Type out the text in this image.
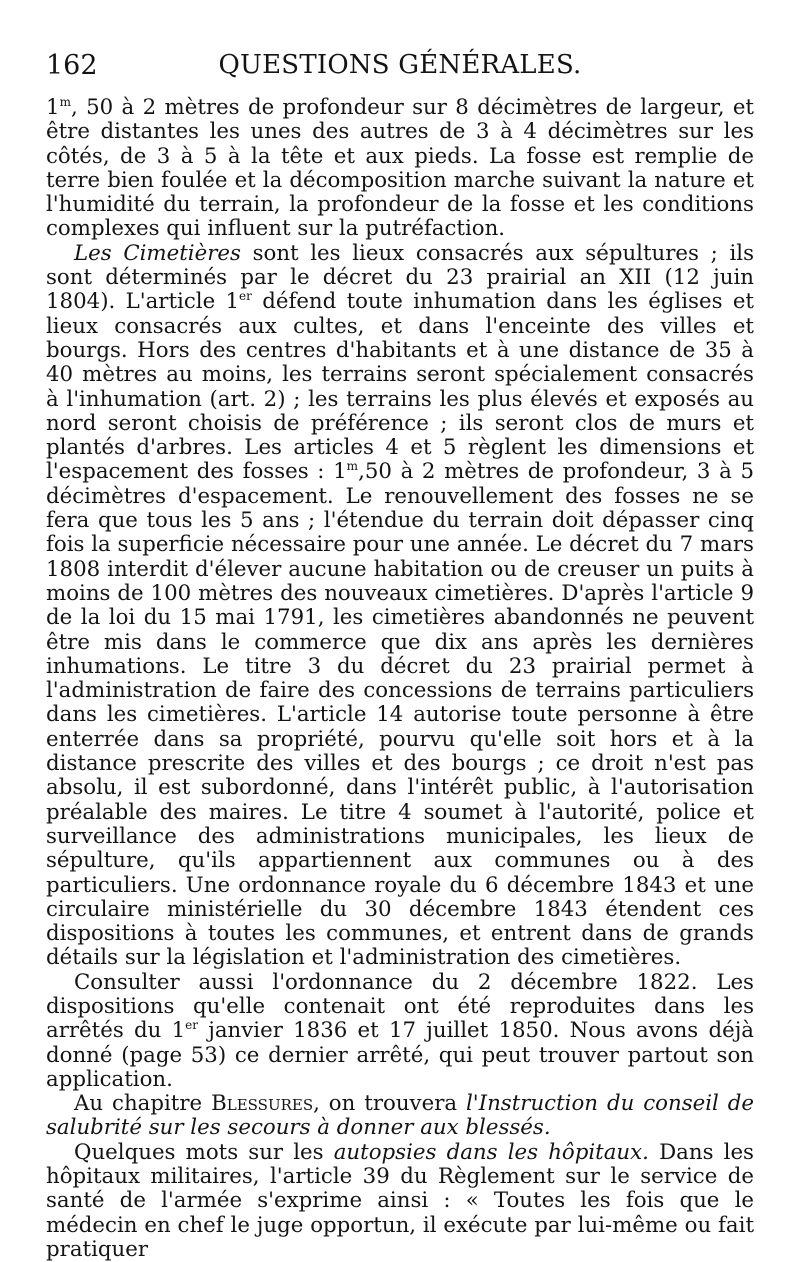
162	QUESTIONS GÉNÉRALES.

1$^m$, 50 à 2 mètres de profondeur sur 8 décimètres de largeur, et être distantes les unes des autres de 3 à 4 décimètres sur les côtés, de 3 à 5 à la tête et aux pieds. La fosse est remplie de terre bien foulée et la décomposition marche suivant la nature et l'humidité du terrain, la profondeur de la fosse et les conditions complexes qui influent sur la putréfaction.

Les Cimetières sont les lieux consacrés aux sépultures ; ils sont déterminés par le décret du 23 prairial an XII (12 juin 1804). L'article 1er défend toute inhumation dans les églises et lieux consacrés aux cultes, et dans l'enceinte des villes et bourgs. Hors des centres d'habitants et à une distance de 35 à 40 mètres au moins, les terrains seront spécialement consacrés à l'inhumation (art. 2) ; les terrains les plus élevés et exposés au nord seront choisis de préférence ; ils seront clos de murs et plantés d'arbres. Les articles 4 et 5 règlent les dimensions et l'espacement des fosses : 1$^m$,50 à 2 mètres de profondeur, 3 à 5 décimètres d'espacement. Le renouvellement des fosses ne se fera que tous les 5 ans ; l'étendue du terrain doit dépasser cinq fois la superficie nécessaire pour une année. Le décret du 7 mars 1808 interdit d'élever aucune habitation ou de creuser un puits à moins de 100 mètres des nouveaux cimetières. D'après l'article 9 de la loi du 15 mai 1791, les cimetières abandonnés ne peuvent être mis dans le commerce que dix ans après les dernières inhumations. Le titre 3 du décret du 23 prairial permet à l'administration de faire des concessions de terrains particuliers dans les cimetières. L'article 14 autorise toute personne à être enterrée dans sa propriété, pourvu qu'elle soit hors et à la distance prescrite des villes et des bourgs ; ce droit n'est pas absolu, il est subordonné, dans l'intérêt public, à l'autorisation préalable des maires. Le titre 4 soumet à l'autorité, police et surveillance des administrations municipales, les lieux de sépulture, qu'ils appartiennent aux communes ou à des particuliers. Une ordonnance royale du 6 décembre 1843 et une circulaire ministérielle du 30 décembre 1843 étendent ces dispositions à toutes les communes, et entrent dans de grands détails sur la législation et l'administration des cimetières.

Consulter aussi l'ordonnance du 2 décembre 1822. Les dispositions qu'elle contenait ont été reproduites dans les arrêtés du 1er janvier 1836 et 17 juillet 1850. Nous avons déjà donné (page 53) ce dernier arrêté, qui peut trouver partout son application.

Au chapitre Blessures, on trouvera l'Instruction du conseil de salubrité sur les secours à donner aux blessés.

Quelques mots sur les autopsies dans les hôpitaux. Dans les hôpitaux militaires, l'article 39 du Règlement sur le service de santé de l'armée s'exprime ainsi : « Toutes les fois que le médecin en chef le juge opportun, il exécute par lui-même ou fait pratiquer
